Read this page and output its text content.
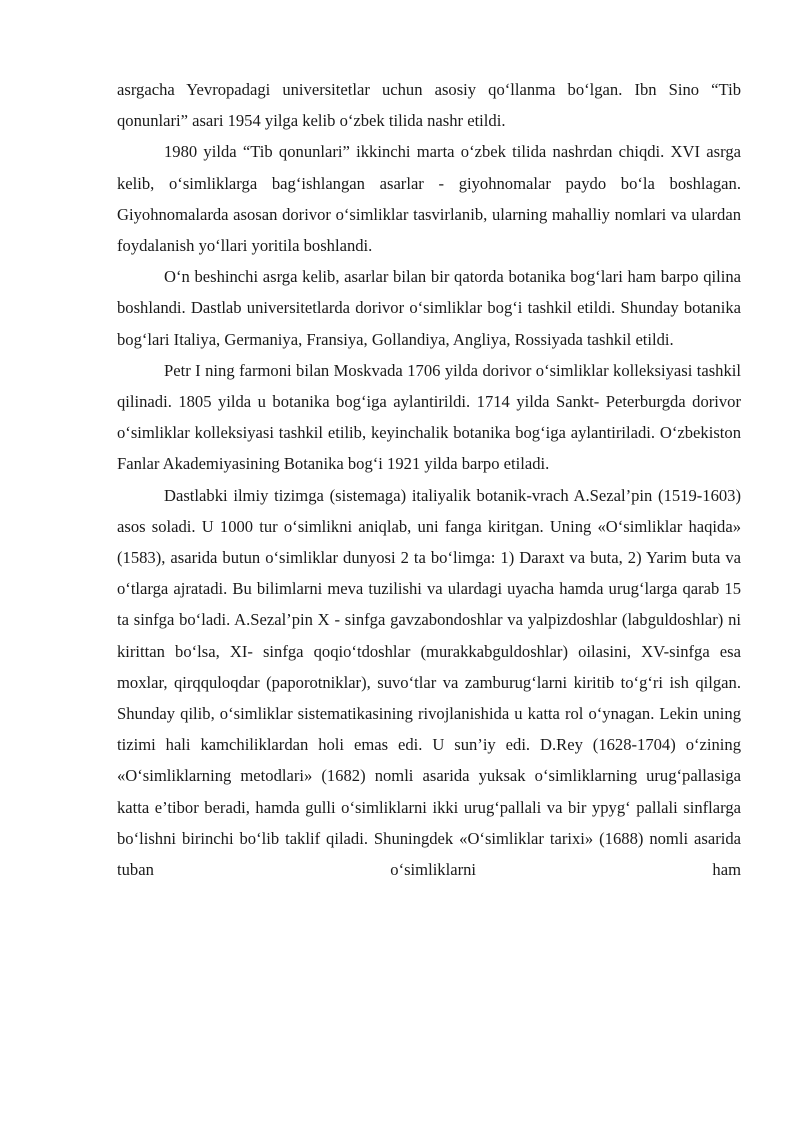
asrgacha Yevropadagi universitetlar uchun asosiy qo‘llanma bo‘lgan. Ibn Sino “Tib qonunlari” asari 1954 yilga kelib o‘zbek tilida nashr etildi.

1980 yilda “Tib qonunlari” ikkinchi marta o‘zbek tilida nashrdan chiqdi. XVI asrga kelib, o‘simliklarga bag‘ishlangan asarlar - giyohnomalar paydo bo‘la boshlagan. Giyohnomalarda asosan dorivor o‘simliklar tasvirlanib, ularning mahalliy nomlari va ulardan foydalanish yo‘llari yoritila boshlandi.

O‘n beshinchi asrga kelib, asarlar bilan bir qatorda botanika bog‘lari ham barpo qilina boshlandi. Dastlab universitetlarda dorivor o‘simliklar bog‘i tashkil etildi. Shunday botanika bog‘lari Italiya, Germaniya, Fransiya, Gollandiya, Angliya, Rossiyada tashkil etildi.

Petr I ning farmoni bilan Moskvada 1706 yilda dorivor o‘simliklar kolleksiyasi tashkil qilinadi. 1805 yilda u botanika bog‘iga aylantirildi. 1714 yilda Sankt- Peterburgda dorivor o‘simliklar kolleksiyasi tashkil etilib, keyinchalik botanika bog‘iga aylantiriladi. O‘zbekiston Fanlar Akademiyasining Botanika bog‘i 1921 yilda barpo etiladi.

Dastlabki ilmiy tizimga (sistemaga) italiyalik botanik-vrach A.Sezal’pin (1519-1603) asos soladi. U 1000 tur o‘simlikni aniqlab, uni fanga kiritgan. Uning «O‘simliklar haqida» (1583), asarida butun o‘simliklar dunyosi 2 ta bo‘limga: 1) Daraxt va buta, 2) Yarim buta va o‘tlarga ajratadi. Bu bilimlarni meva tuzilishi va ulardagi uyacha hamda urug‘larga qarab 15 ta sinfga bo‘ladi. A.Sezal’pin X - sinfga gavzabondoshlar va yalpizdoshlar (labguldoshlar) ni kirittan bo‘lsa, XI- sinfga qoqio‘tdoshlar (murakkabguldoshlar) oilasini, XV-sinfga esa moxlar, qirqquloqdar (paporotniklar), suvo‘tlar va zamburug‘larni kiritib to‘g‘ri ish qilgan. Shunday qilib, o‘simliklar sistematikasining rivojlanishida u katta rol o‘ynagan. Lekin uning tizimi hali kamchiliklardan holi emas edi. U sun’iy edi. D.Rey (1628-1704) o‘zining «O‘simliklarning metodlari» (1682) nomli asarida yuksak o‘simliklarning urug‘pallasiga katta e’tibor beradi, hamda gulli o‘simliklarni ikki urug‘pallali va bir ypyg‘ pallali sinflarga bo‘lishni birinchi bo‘lib taklif qiladi. Shuningdek «O‘simliklar tarixi» (1688) nomli asarida tuban o‘simliklarni ham
